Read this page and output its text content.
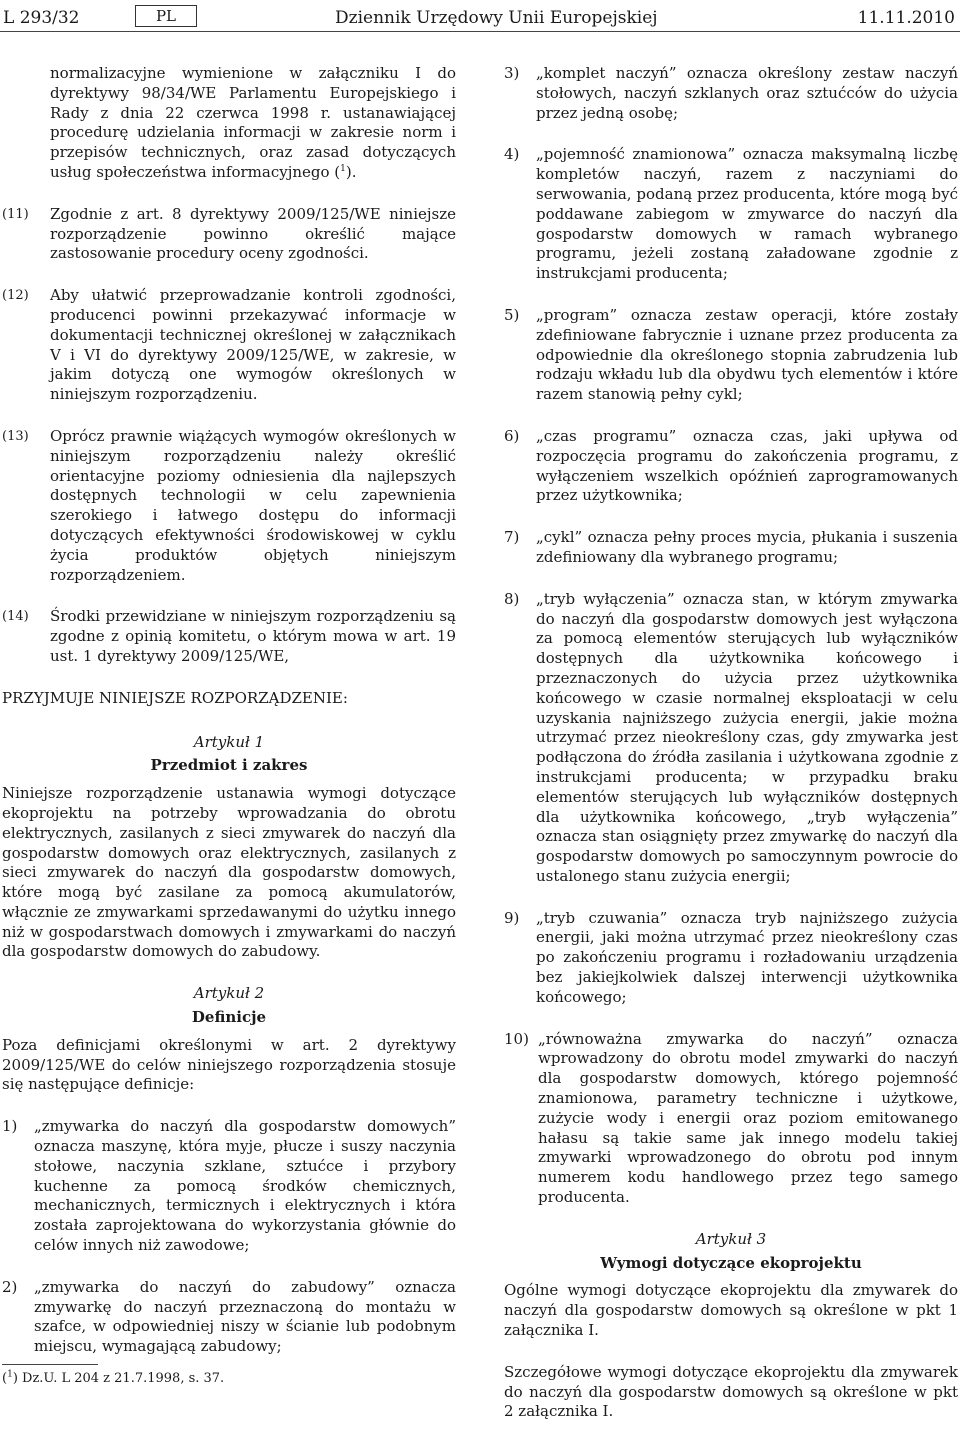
L 293/32	PL	Dziennik Urzędowy Unii Europejskiej	11.11.2010

normalizacyjne wymienione w załączniku I do dyrektywy 98/34/WE Parlamentu Europejskiego i Rady z dnia 22 czerwca 1998 r. ustanawiającej procedurę udzielania informacji w zakresie norm i przepisów technicznych, oraz zasad dotyczących usług społeczeństwa informacyjnego ($^1$).

(11) Zgodnie z art. 8 dyrektywy 2009/125/WE niniejsze rozporządzenie powinno określić mające zastosowanie procedury oceny zgodności.
(12) Aby ułatwić przeprowadzanie kontroli zgodności, producenci powinni przekazywać informacje w dokumentacji technicznej określonej w załącznikach V i VI do dyrektywy 2009/125/WE, w zakresie, w jakim dotyczą one wymogów określonych w niniejszym rozporządzeniu.
(13) Oprócz prawnie wiążących wymogów określonych w niniejszym rozporządzeniu należy określić orientacyjne poziomy odniesienia dla najlepszych dostępnych technologii w celu zapewnienia szerokiego i łatwego dostępu do informacji dotyczących efektywności środowiskowej w cyklu życia produktów objętych niniejszym rozporządzeniem.
(14) Środki przewidziane w niniejszym rozporządzeniu są zgodne z opinią komitetu, o którym mowa w art. 19 ust. 1 dyrektywy 2009/125/WE,

PRZYJMUJE NINIEJSZE ROZPORZĄDZENIE:

Artykuł 1

Przedmiot i zakres

Niniejsze rozporządzenie ustanawia wymogi dotyczące ekoprojektu na potrzeby wprowadzania do obrotu elektrycznych, zasilanych z sieci zmywarek do naczyń dla gospodarstw domowych oraz elektrycznych, zasilanych z sieci zmywarek do naczyń dla gospodarstw domowych, które mogą być zasilane za pomocą akumulatorów, włącznie ze zmywarkami sprzedawanymi do użytku innego niż w gospodarstwach domowych i zmywarkami do naczyń dla gospodarstw domowych do zabudowy.

Artykuł 2

Definicje

Poza definicjami określonymi w art. 2 dyrektywy 2009/125/WE do celów niniejszego rozporządzenia stosuje się następujące definicje:

1) „zmywarka do naczyń dla gospodarstw domowych” oznacza maszynę, która myje, płucze i suszy naczynia stołowe, naczynia szklane, sztućce i przybory kuchenne za pomocą środków chemicznych, mechanicznych, termicznych i elektrycznych i która została zaprojektowana do wykorzystania głównie do celów innych niż zawodowe;
2) „zmywarka do naczyń do zabudowy” oznacza zmywarkę do naczyń przeznaczoną do montażu w szafce, w odpowiedniej niszy w ścianie lub podobnym miejscu, wymagającą zabudowy;
3) „komplet naczyń” oznacza określony zestaw naczyń stołowych, naczyń szklanych oraz sztućców do użycia przez jedną osobę;
4) „pojemność znamionowa” oznacza maksymalną liczbę kompletów naczyń, razem z naczyniami do serwowania, podaną przez producenta, które mogą być poddawane zabiegom w zmywarce do naczyń dla gospodarstw domowych w ramach wybranego programu, jeżeli zostaną załadowane zgodnie z instrukcjami producenta;
5) „program” oznacza zestaw operacji, które zostały zdefiniowane fabrycznie i uznane przez producenta za odpowiednie dla określonego stopnia zabrudzenia lub rodzaju wkładu lub dla obydwu tych elementów i które razem stanowią pełny cykl;
6) „czas programu” oznacza czas, jaki upływa od rozpoczęcia programu do zakończenia programu, z wyłączeniem wszelkich opóźnień zaprogramowanych przez użytkownika;
7) „cykl” oznacza pełny proces mycia, płukania i suszenia zdefiniowany dla wybranego programu;
8) „tryb wyłączenia” oznacza stan, w którym zmywarka do naczyń dla gospodarstw domowych jest wyłączona za pomocą elementów sterujących lub wyłączników dostępnych dla użytkownika końcowego i przeznaczonych do użycia przez użytkownika końcowego w czasie normalnej eksploatacji w celu uzyskania najniższego zużycia energii, jakie można utrzymać przez nieokreślony czas, gdy zmywarka jest podłączona do źródła zasilania i użytkowana zgodnie z instrukcjami producenta; w przypadku braku elementów sterujących lub wyłączników dostępnych dla użytkownika końcowego, „tryb wyłączenia” oznacza stan osiągnięty przez zmywarkę do naczyń dla gospodarstw domowych po samoczynnym powrocie do ustalonego stanu zużycia energii;
9) „tryb czuwania” oznacza tryb najniższego zużycia energii, jaki można utrzymać przez nieokreślony czas po zakończeniu programu i rozładowaniu urządzenia bez jakiejkolwiek dalszej interwencji użytkownika końcowego;
10) „równoważna zmywarka do naczyń” oznacza wprowadzony do obrotu model zmywarki do naczyń dla gospodarstw domowych, którego pojemność znamionowa, parametry techniczne i użytkowe, zużycie wody i energii oraz poziom emitowanego hałasu są takie same jak innego modelu takiej zmywarki wprowadzonego do obrotu pod innym numerem kodu handlowego przez tego samego producenta.

Artykuł 3

Wymogi dotyczące ekoprojektu

Ogólne wymogi dotyczące ekoprojektu dla zmywarek do naczyń dla gospodarstw domowych są określone w pkt 1 załącznika I.

Szczegółowe wymogi dotyczące ekoprojektu dla zmywarek do naczyń dla gospodarstw domowych są określone w pkt 2 załącznika I.

($^1$) Dz.U. L 204 z 21.7.1998, s. 37.
